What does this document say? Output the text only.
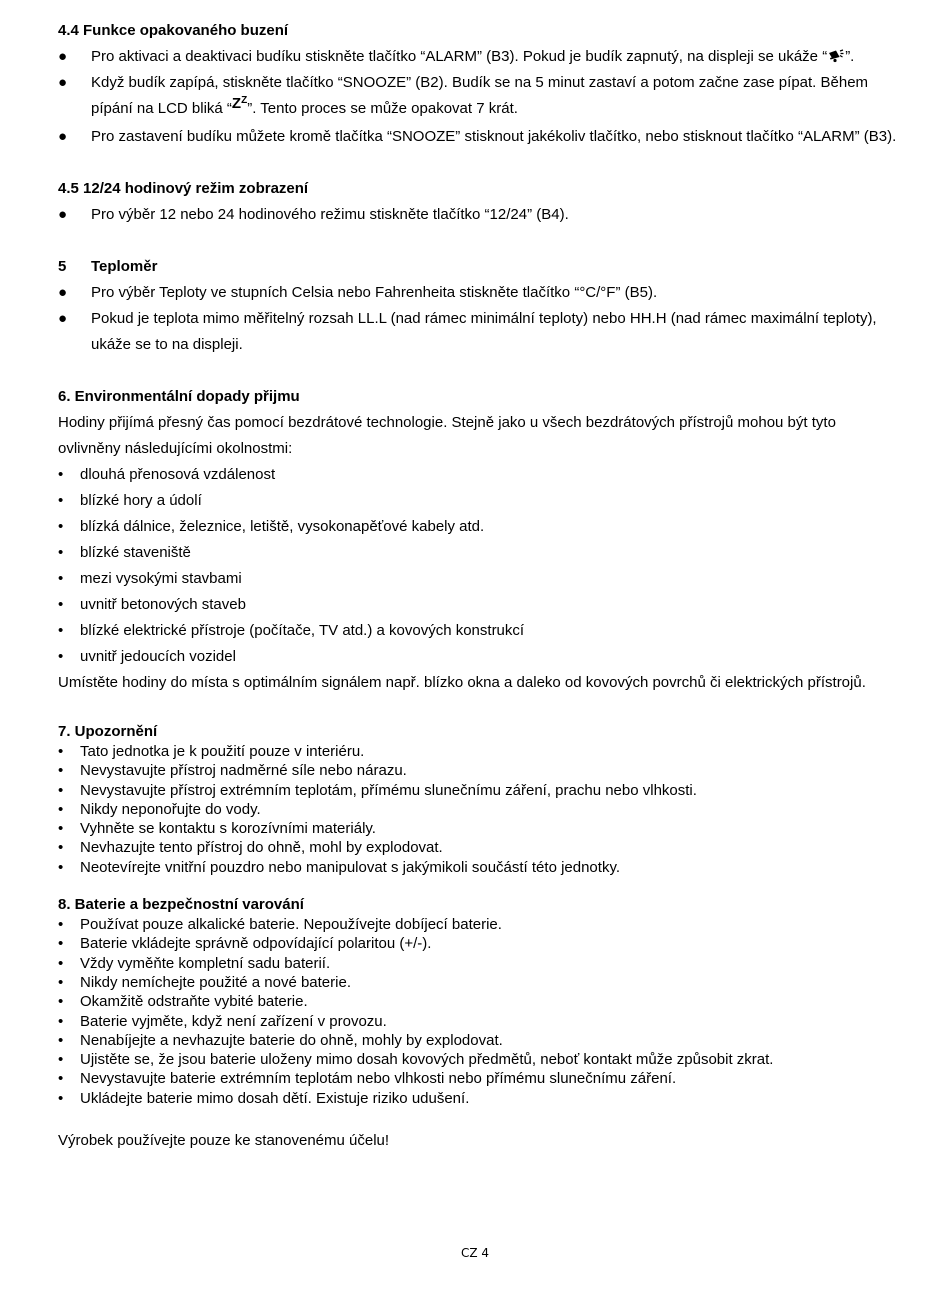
4.4 Funkce opakovaného buzení

● Pro aktivaci a deaktivaci budíku stiskněte tlačítko “ALARM” (B3). Pokud je budík zapnutý, na displeji se ukáže “ ”.
● Když budík zapípá, stiskněte tlačítko “SNOOZE” (B2). Budík se na 5 minut zastaví a potom začne zase pípat. Během pípání na LCD bliká “$Z^Z$”. Tento proces se může opakovat 7 krát.
● Pro zastavení budíku můžete kromě tlačítka “SNOOZE” stisknout jakékoliv tlačítko, nebo stisknout tlačítko “ALARM” (B3).

4.5 12/24 hodinový režim zobrazení

● Pro výběr 12 nebo 24 hodinového režimu stiskněte tlačítko “12/24” (B4).

5 Teploměr

● Pro výběr Teploty ve stupních Celsia nebo Fahrenheita stiskněte tlačítko “°C/°F” (B5).
● Pokud je teplota mimo měřitelný rozsah LL.L (nad rámec minimální teploty) nebo HH.H (nad rámec maximální teploty), ukáže se to na displeji.

6. Environmentální dopady přijmu

Hodiny přijímá přesný čas pomocí bezdrátové technologie. Stejně jako u všech bezdrátových přístrojů mohou být tyto ovlivněny následujícími okolnostmi:

• dlouhá přenosová vzdálenost
• blízké hory a údolí
• blízká dálnice, železnice, letiště, vysokonapěťové kabely atd.
• blízké staveniště
• mezi vysokými stavbami
• uvnitř betonových staveb
• blízké elektrické přístroje (počítače, TV atd.) a kovových konstrukcí
• uvnitř jedoucích vozidel

Umístěte hodiny do místa s optimálním signálem např. blízko okna a daleko od kovových povrchů či elektrických přístrojů.

7. Upozornění

• Tato jednotka je k použití pouze v interiéru.
• Nevystavujte přístroj nadměrné síle nebo nárazu.
• Nevystavujte přístroj extrémním teplotám, přímému slunečnímu záření, prachu nebo vlhkosti.
• Nikdy neponořujte do vody.
• Vyhněte se kontaktu s korozívními materiály.
• Nevhazujte tento přístroj do ohně, mohl by explodovat.
• Neotevírejte vnitřní pouzdro nebo manipulovat s jakýmikoli součástí této jednotky.

8. Baterie a bezpečnostní varování

• Používat pouze alkalické baterie. Nepoužívejte dobíjecí baterie.
• Baterie vkládejte správně odpovídající polaritou (+/-).
• Vždy vyměňte kompletní sadu baterií.
• Nikdy nemíchejte použité a nové baterie.
• Okamžitě odstraňte vybité baterie.
• Baterie vyjměte, když není zařízení v provozu.
• Nenabíjejte a nevhazujte baterie do ohně, mohly by explodovat.
• Ujistěte se, že jsou baterie uloženy mimo dosah kovových předmětů, neboť kontakt může způsobit zkrat.
• Nevystavujte baterie extrémním teplotám nebo vlhkosti nebo přímému slunečnímu záření.
• Ukládejte baterie mimo dosah dětí. Existuje riziko udušení.

Výrobek používejte pouze ke stanovenému účelu!

CZ 4
